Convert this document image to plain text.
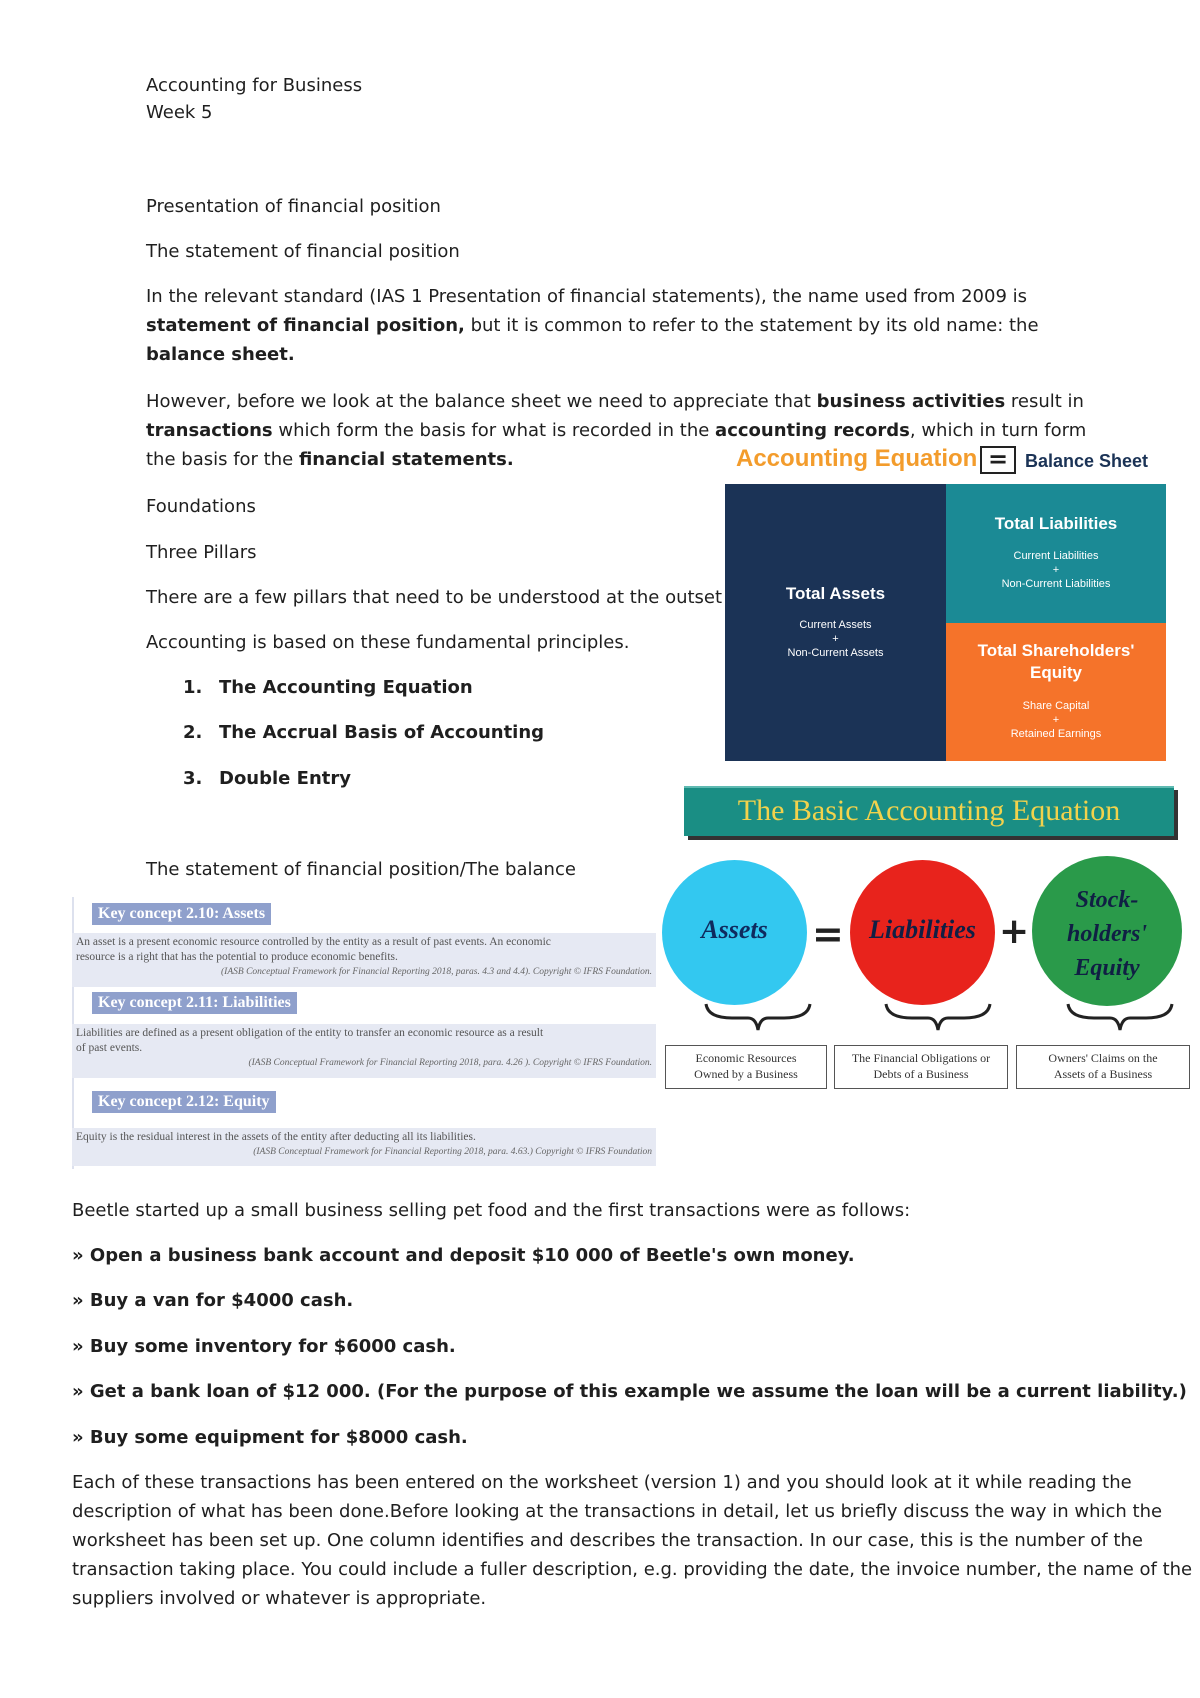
Accounting for Business
Week 5
Presentation of financial position
The statement of financial position
In the relevant standard (IAS 1 Presentation of financial statements), the name used from 2009 is
statement of financial position, but it is common to refer to the statement by its old name: the
balance sheet.
However, before we look at the balance sheet we need to appreciate that business activities result in
transactions which form the basis for what is recorded in the accounting records, which in turn form
the basis for the financial statements.
Foundations
Three Pillars
There are a few pillars that need to be understood at the outset
Accounting is based on these fundamental principles.
1. The Accounting Equation
2. The Accrual Basis of Accounting
3. Double Entry
The statement of financial position/The balance
Accounting Equation = Balance Sheet
Total Assets
Current Assets
+
Non-Current Assets
Total Liabilities
Current Liabilities
+
Non-Current Liabilities
Total Shareholders'
Equity
Share Capital
+
Retained Earnings
The Basic Accounting Equation
Assets	= Liabilities +
Stock-
holders'
Equity
Economic Resources
Owned by a Business
The Financial Obligations or
Debts of a Business
Owners' Claims on the
Assets of a Business
Key concept 2.10: Assets
An asset is a present economic resource controlled by the entity as a result of past events. An economic
resource is a right that has the potential to produce economic benefits.
(IASB Conceptual Framework for Financial Reporting 2018, paras. 4.3 and 4.4). Copyright © IFRS Foundation.
Key concept 2.11: Liabilities
Liabilities are defined as a present obligation of the entity to transfer an economic resource as a result
of past events.
(IASB Conceptual Framework for Financial Reporting 2018, para. 4.26 ). Copyright © IFRS Foundation.
Key concept 2.12: Equity
Equity is the residual interest in the assets of the entity after deducting all its liabilities.
(IASB Conceptual Framework for Financial Reporting 2018, para. 4.63.) Copyright © IFRS Foundation
Beetle started up a small business selling pet food and the first transactions were as follows:
» Open a business bank account and deposit $10 000 of Beetle's own money.
» Buy a van for $4000 cash.
» Buy some inventory for $6000 cash.
» Get a bank loan of $12 000. (For the purpose of this example we assume the loan will be a current liability.)
» Buy some equipment for $8000 cash.
Each of these transactions has been entered on the worksheet (version 1) and you should look at it while reading the
description of what has been done.Before looking at the transactions in detail, let us briefly discuss the way in which the
worksheet has been set up. One column identifies and describes the transaction. In our case, this is the number of the
transaction taking place. You could include a fuller description, e.g. providing the date, the invoice number, the name of the
suppliers involved or whatever is appropriate.
